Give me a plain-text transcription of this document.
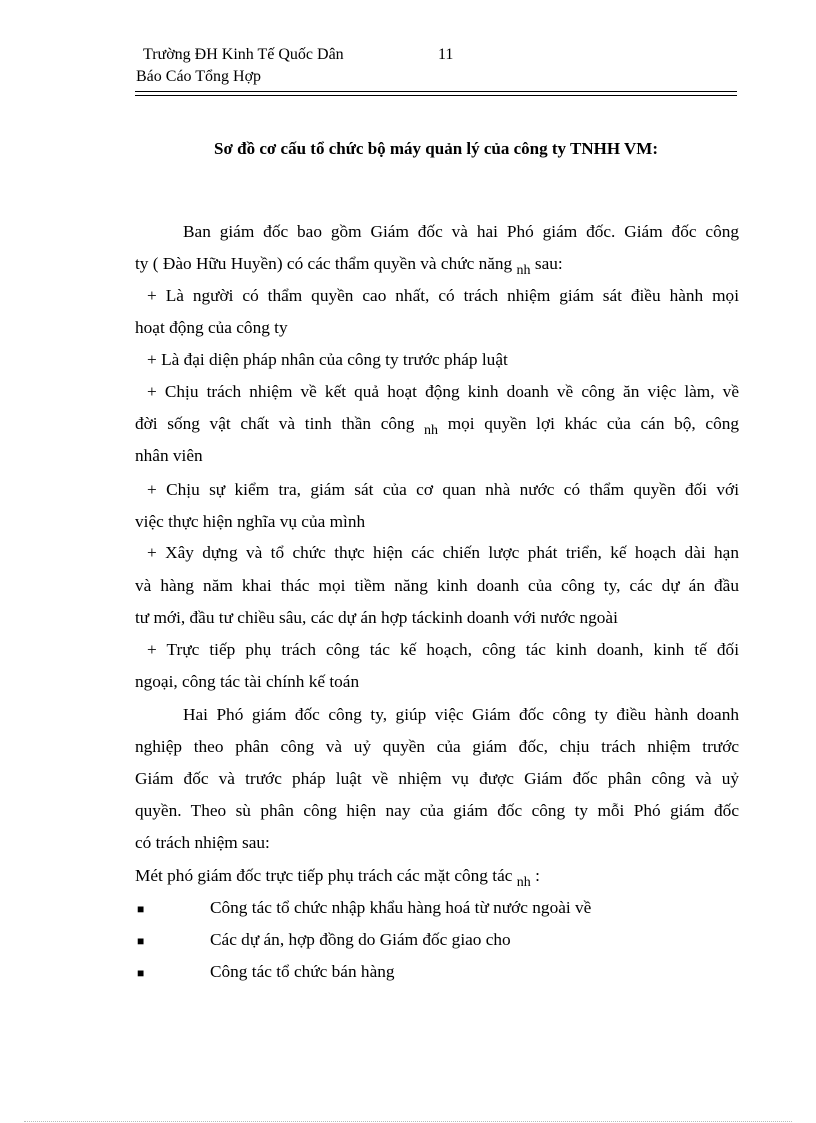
Trường ĐH Kinh Tế Quốc Dân	11
Báo Cáo Tổng Hợp
Sơ đồ cơ cấu tổ chức bộ máy quản lý của công ty TNHH VM:
Ban giám đốc bao gồm Giám đốc và hai Phó giám đốc. Giám đốc công
ty ( Đào Hữu Huyền) có các thẩm quyền và chức năng $_{nh}$ sau:
+ Là người có thẩm quyền cao nhất, có trách nhiệm giám sát điều hành mọi
hoạt động của công ty
+ Là đại diện pháp nhân của công ty trước pháp luật
+ Chịu trách nhiệm về kết quả hoạt động kinh doanh về công ăn việc làm, về
đời sống vật chất và tinh thần công $_{nh}$ mọi quyền lợi khác của cán bộ, công
nhân viên
+ Chịu sự kiểm tra, giám sát của cơ quan nhà nước có thẩm quyền đối với
việc thực hiện nghĩa vụ của mình
+ Xây dựng và tổ chức thực hiện các chiến lược phát triển, kế hoạch dài hạn
và hàng năm khai thác mọi tiềm năng kinh doanh của công ty, các dự án đầu
tư mới, đầu tư chiều sâu, các dự án hợp táckinh doanh với nước ngoài
+ Trực tiếp phụ trách công tác kế hoạch, công tác kinh doanh, kinh tế đối
ngoại, công tác tài chính kế toán
Hai Phó giám đốc công ty, giúp việc Giám đốc công ty điều hành doanh
nghiệp theo phân công và uỷ quyền của giám đốc, chịu trách nhiệm trước
Giám đốc và trước pháp luật về nhiệm vụ được Giám đốc phân công và uỷ
quyền. Theo sù phân công hiện nay của giám đốc công ty mỗi Phó giám đốc
có trách nhiệm sau:
Mét phó giám đốc trực tiếp phụ trách các mặt công tác $_{nh}$ :
■	Công tác tổ chức nhập khẩu hàng hoá từ nước ngoài về
■	Các dự án, hợp đồng do Giám đốc giao cho
■	Công tác tổ chức bán hàng
